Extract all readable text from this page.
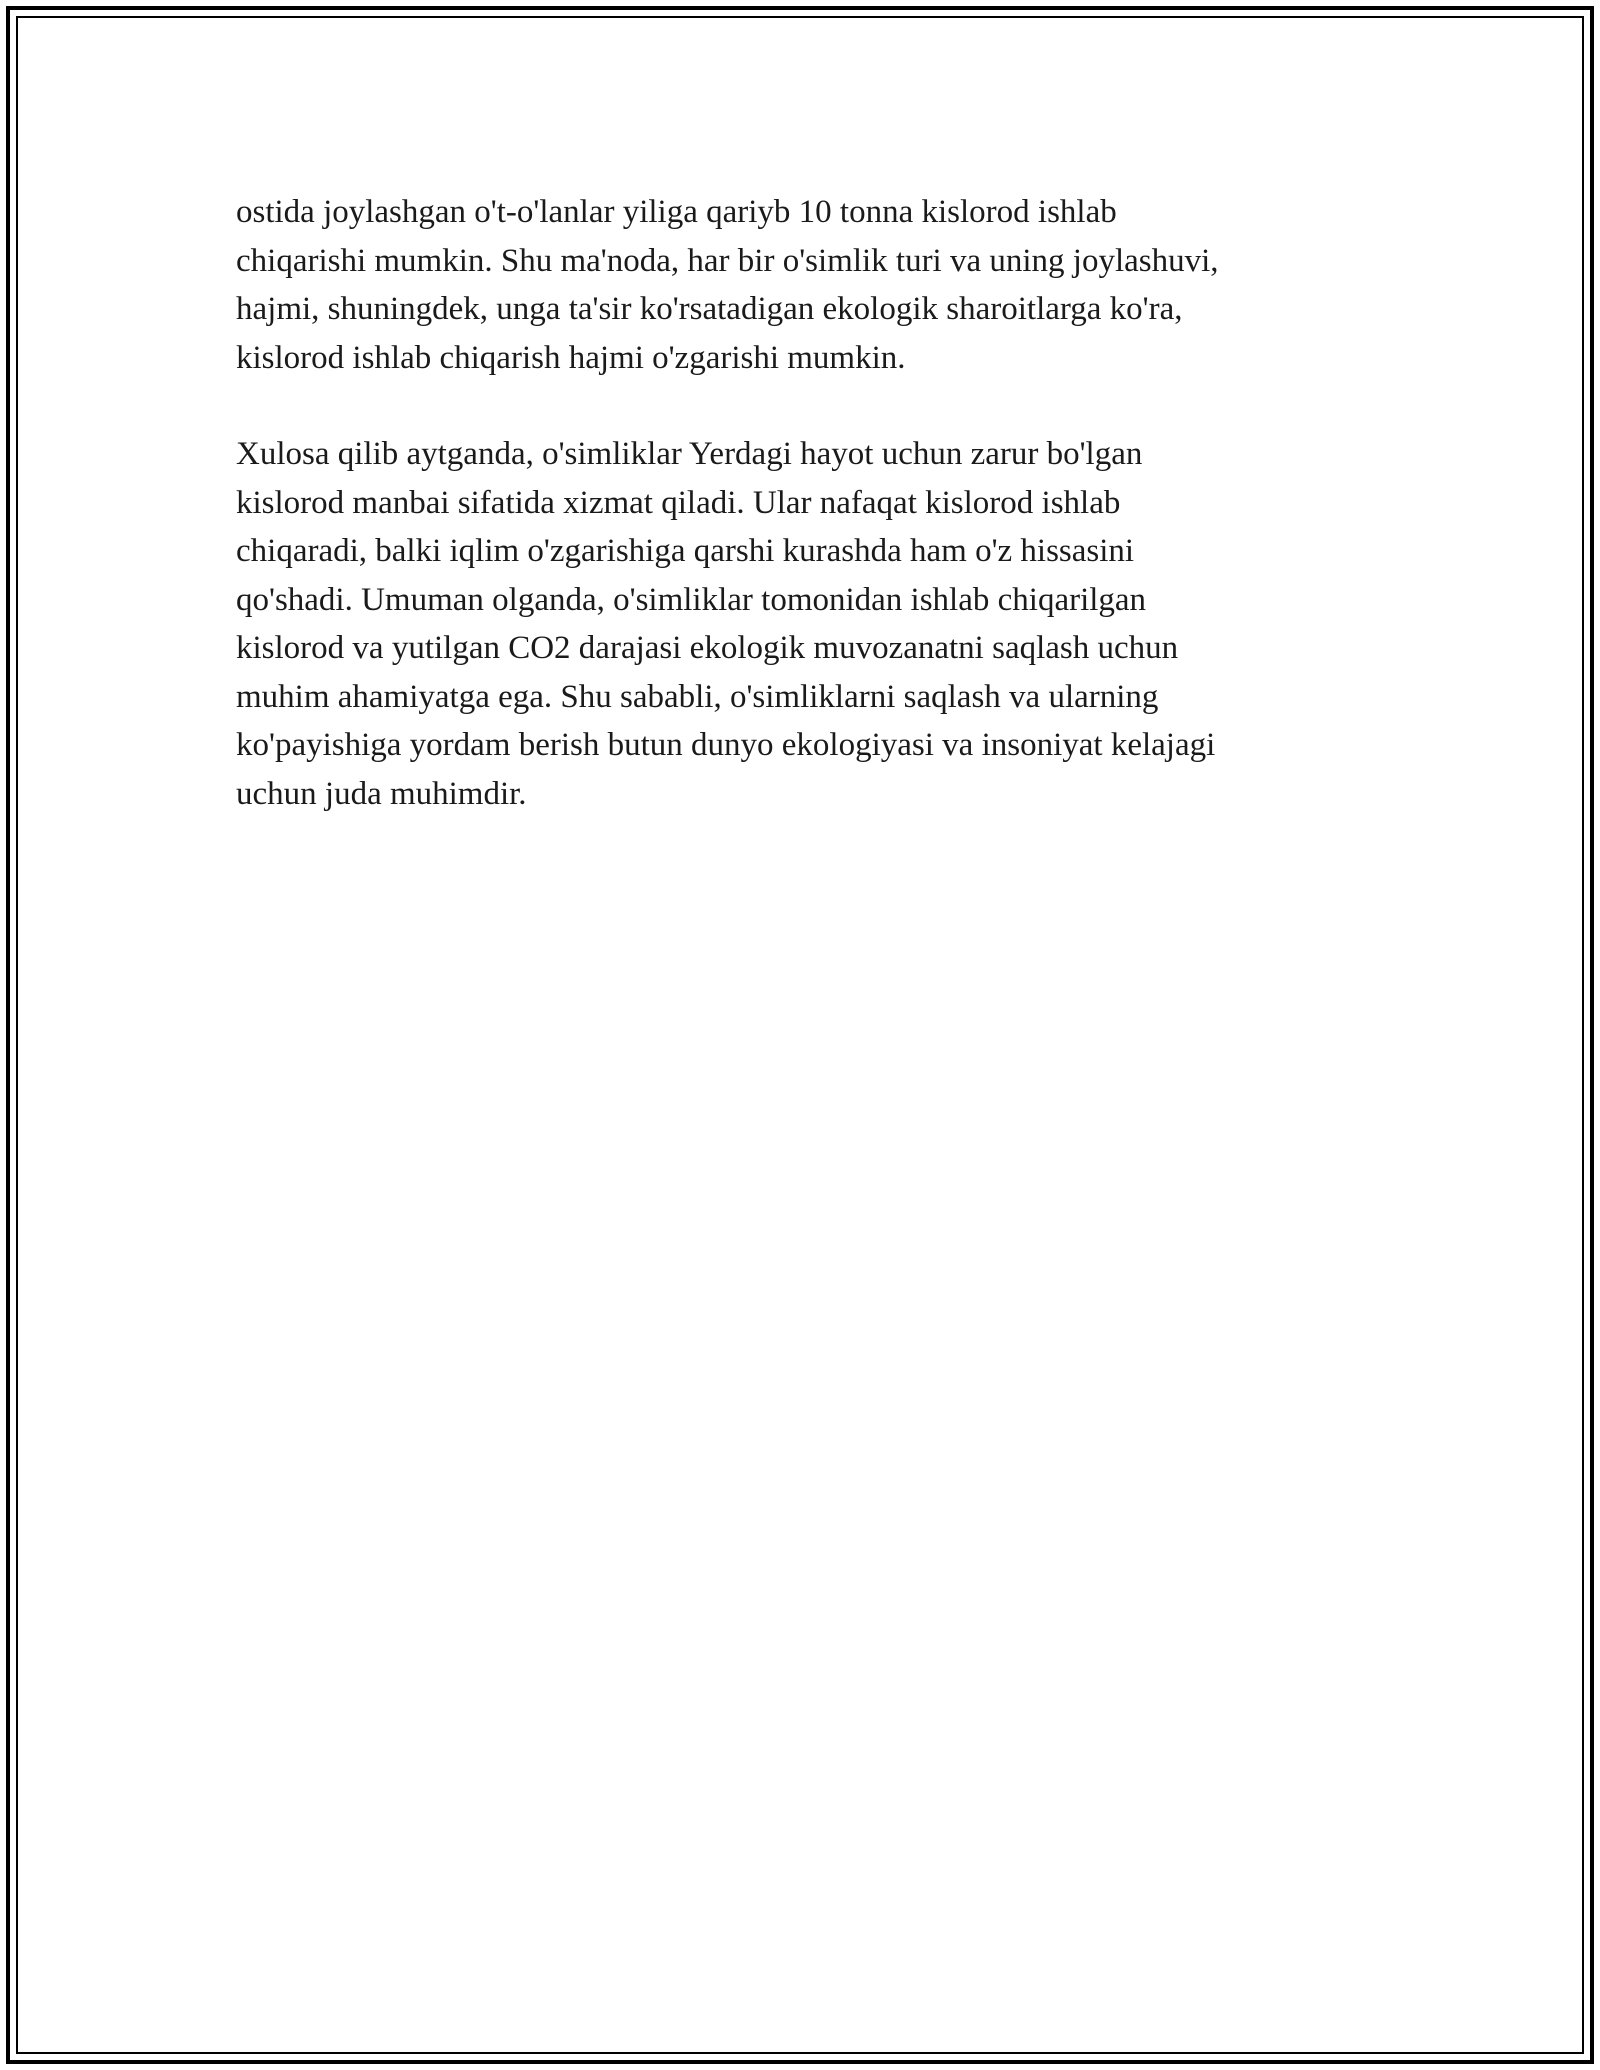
ostida joylashgan o't-o'lanlar yiliga qariyb 10 tonna kislorod ishlab
chiqarishi mumkin. Shu ma'noda, har bir o'simlik turi va uning joylashuvi,
hajmi, shuningdek, unga ta'sir ko'rsatadigan ekologik sharoitlarga ko'ra,
kislorod ishlab chiqarish hajmi o'zgarishi mumkin.

Xulosa qilib aytganda, o'simliklar Yerdagi hayot uchun zarur bo'lgan
kislorod manbai sifatida xizmat qiladi. Ular nafaqat kislorod ishlab
chiqaradi, balki iqlim o'zgarishiga qarshi kurashda ham o'z hissasini
qo'shadi. Umuman olganda, o'simliklar tomonidan ishlab chiqarilgan
kislorod va yutilgan CO2 darajasi ekologik muvozanatni saqlash uchun
muhim ahamiyatga ega. Shu sababli, o'simliklarni saqlash va ularning
ko'payishiga yordam berish butun dunyo ekologiyasi va insoniyat kelajagi
uchun juda muhimdir.
